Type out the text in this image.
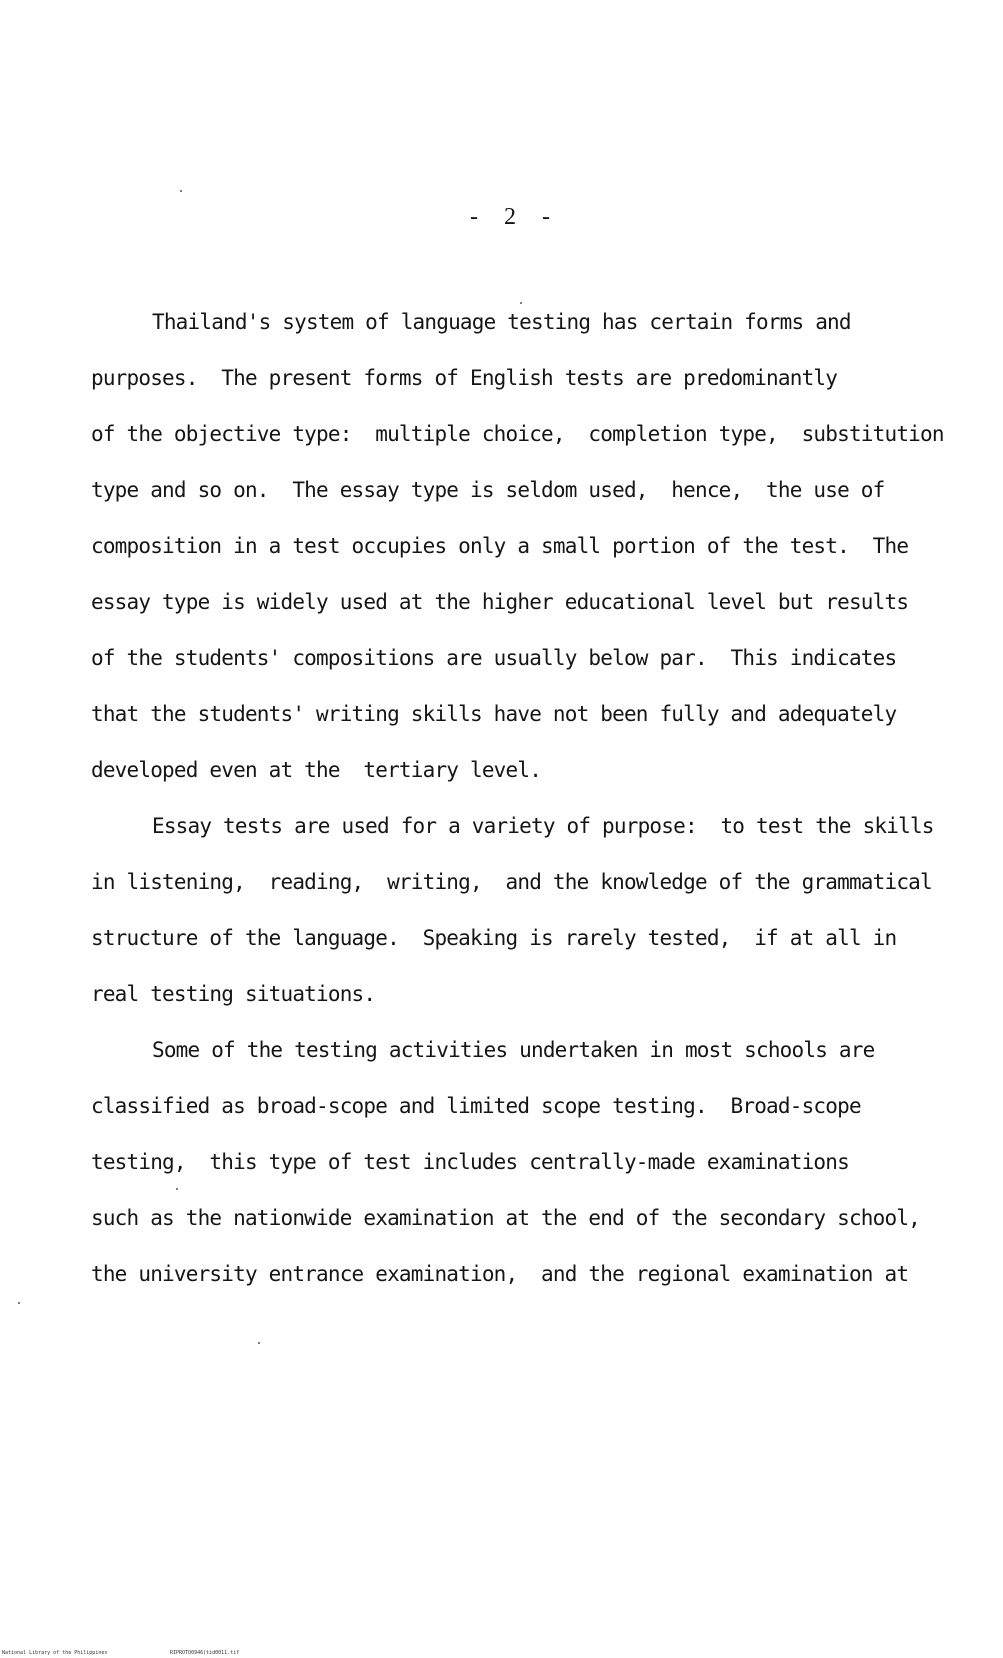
- 2 -
Thailand's system of language testing has certain forms and
purposes.  The present forms of English tests are predominantly
of the objective type:  multiple choice,  completion type,  substitution
type and so on.  The essay type is seldom used,  hence,  the use of
composition in a test occupies only a small portion of the test.  The
essay type is widely used at the higher educational level but results
of the students' compositions are usually below par.  This indicates
that the students' writing skills have not been fully and adequately
developed even at the  tertiary level.
Essay tests are used for a variety of purpose:  to test the skills
in listening,  reading,  writing,  and the knowledge of the grammatical
structure of the language.  Speaking is rarely tested,  if at all in
real testing situations.
Some of the testing activities undertaken in most schools are
classified as broad-scope and limited scope testing.  Broad-scope
testing,  this type of test includes centrally-made examinations
such as the nationwide examination at the end of the secondary school,
the university entrance examination,  and the regional examination at
National Library of the Philippines	RIPROTO0946(tid0011.tif
